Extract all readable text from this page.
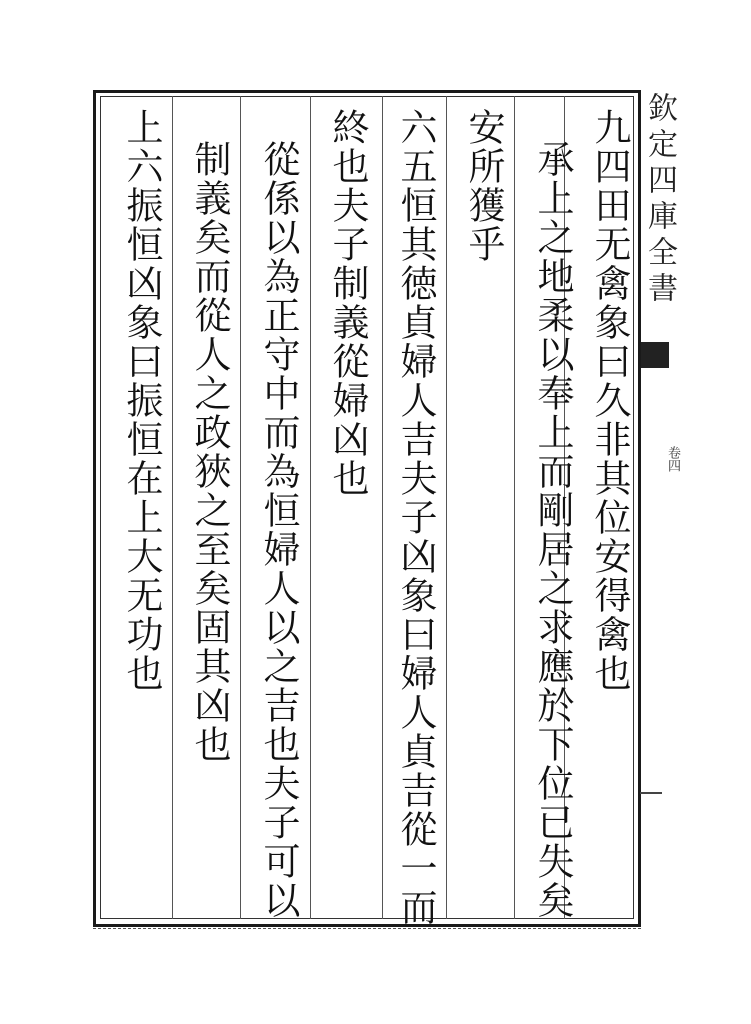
九四田无禽象曰久非其位安得禽也
承上之地柔以奉上而剛居之求應於下位已失矣
安所獲乎
六五恒其徳貞婦人吉夫子凶象曰婦人貞吉從一而
終也夫子制義從婦凶也
從係以為正守中而為恒婦人以之吉也夫子可以
制義矣而從人之政狹之至矣固其凶也
上六振恒凶象曰振恒在上大无功也	欽定四庫全書
卷四
